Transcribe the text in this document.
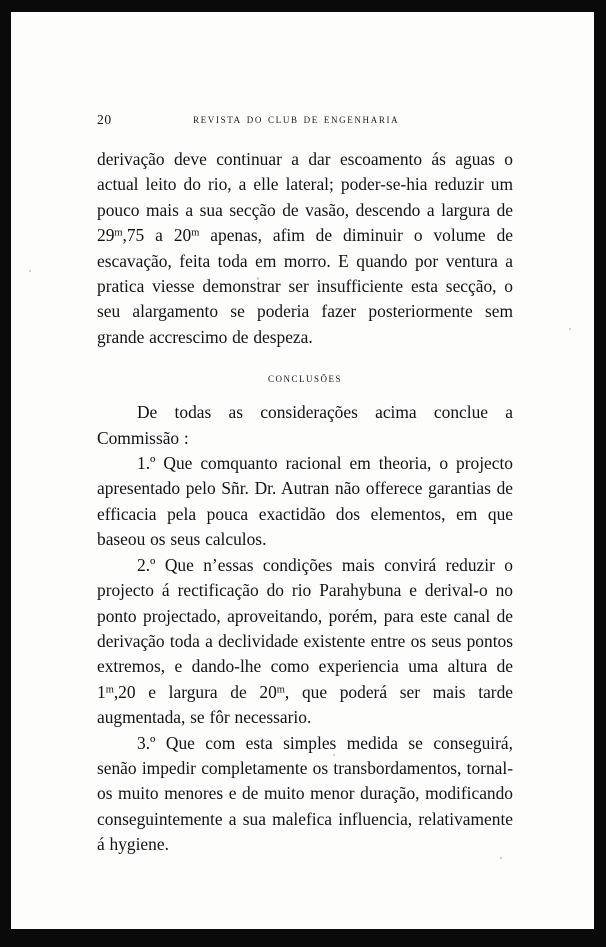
20	revista do club de engenharia

derivação deve continuar a dar escoamento ás aguas o actual leito do rio, a elle lateral; poder-se-hia reduzir um pouco mais a sua secção de vasão, descendo a largura de 29$^m$,75 a 20$^m$ apenas, afim de diminuir o volume de escavação, feita toda em morro. E quando por ventura a pratica viesse demonstrar ser insufficiente esta secção, o seu alargamento se poderia fazer posteriormente sem grande accrescimo de despeza.

conclusões

De todas as considerações acima conclue a Commissão :

1.º Que comquanto racional em theoria, o projecto apresentado pelo Sñr. Dr. Autran não offerece garantias de efficacia pela pouca exactidão dos elementos, em que baseou os seus calculos.

2.º Que n’essas condições mais convirá reduzir o projecto á rectificação do rio Parahybuna e derival-o no ponto projectado, aproveitando, porém, para este canal de derivação toda a declividade existente entre os seus pontos extremos, e dando-lhe como experiencia uma altura de 1$^m$,20 e largura de 20$^m$, que poderá ser mais tarde augmentada, se fôr necessario.

3.º Que com esta simples medida se conseguirá, senão impedir completamente os transbordamentos, tornal-os muito menores e de muito menor duração, modificando conseguintemente a sua malefica influencia, relativamente á hygiene.
